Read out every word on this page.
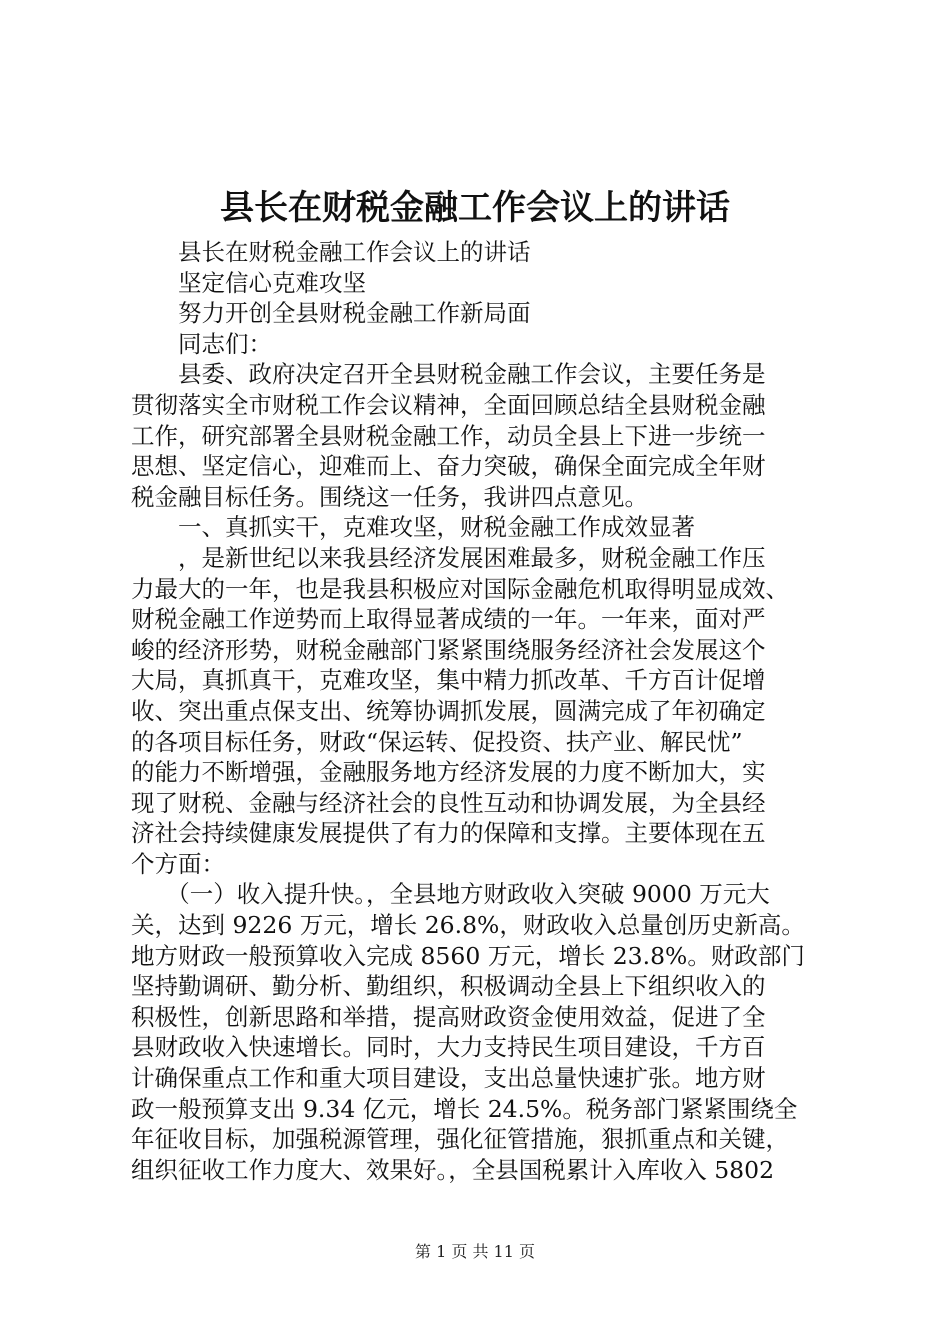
县长在财税金融工作会议上的讲话
　　县长在财税金融工作会议上的讲话
　　坚定信心克难攻坚
　　努力开创全县财税金融工作新局面
　　同志们：
　　县委、政府决定召开全县财税金融工作会议，主要任务是
贯彻落实全市财税工作会议精神，全面回顾总结全县财税金融
工作，研究部署全县财税金融工作，动员全县上下进一步统一
思想、坚定信心，迎难而上、奋力突破，确保全面完成全年财
税金融目标任务。围绕这一任务，我讲四点意见。
　　一、真抓实干，克难攻坚，财税金融工作成效显著
　　，是新世纪以来我县经济发展困难最多，财税金融工作压
力最大的一年，也是我县积极应对国际金融危机取得明显成效、
财税金融工作逆势而上取得显著成绩的一年。一年来，面对严
峻的经济形势，财税金融部门紧紧围绕服务经济社会发展这个
大局，真抓真干，克难攻坚，集中精力抓改革、千方百计促增
收、突出重点保支出、统筹协调抓发展，圆满完成了年初确定
的各项目标任务，财政“保运转、促投资、扶产业、解民忧”
的能力不断增强，金融服务地方经济发展的力度不断加大，实
现了财税、金融与经济社会的良性互动和协调发展，为全县经
济社会持续健康发展提供了有力的保障和支撑。主要体现在五
个方面：
　　（一）收入提升快。，全县地方财政收入突破 9000 万元大
关，达到 9226 万元，增长 26.8%，财政收入总量创历史新高。
地方财政一般预算收入完成 8560 万元，增长 23.8%。财政部门
坚持勤调研、勤分析、勤组织，积极调动全县上下组织收入的
积极性，创新思路和举措，提高财政资金使用效益，促进了全
县财政收入快速增长。同时，大力支持民生项目建设，千方百
计确保重点工作和重大项目建设，支出总量快速扩张。地方财
政一般预算支出 9.34 亿元，增长 24.5%。税务部门紧紧围绕全
年征收目标，加强税源管理，强化征管措施，狠抓重点和关键，
组织征收工作力度大、效果好。，全县国税累计入库收入 5802
第 1 页 共 11 页
